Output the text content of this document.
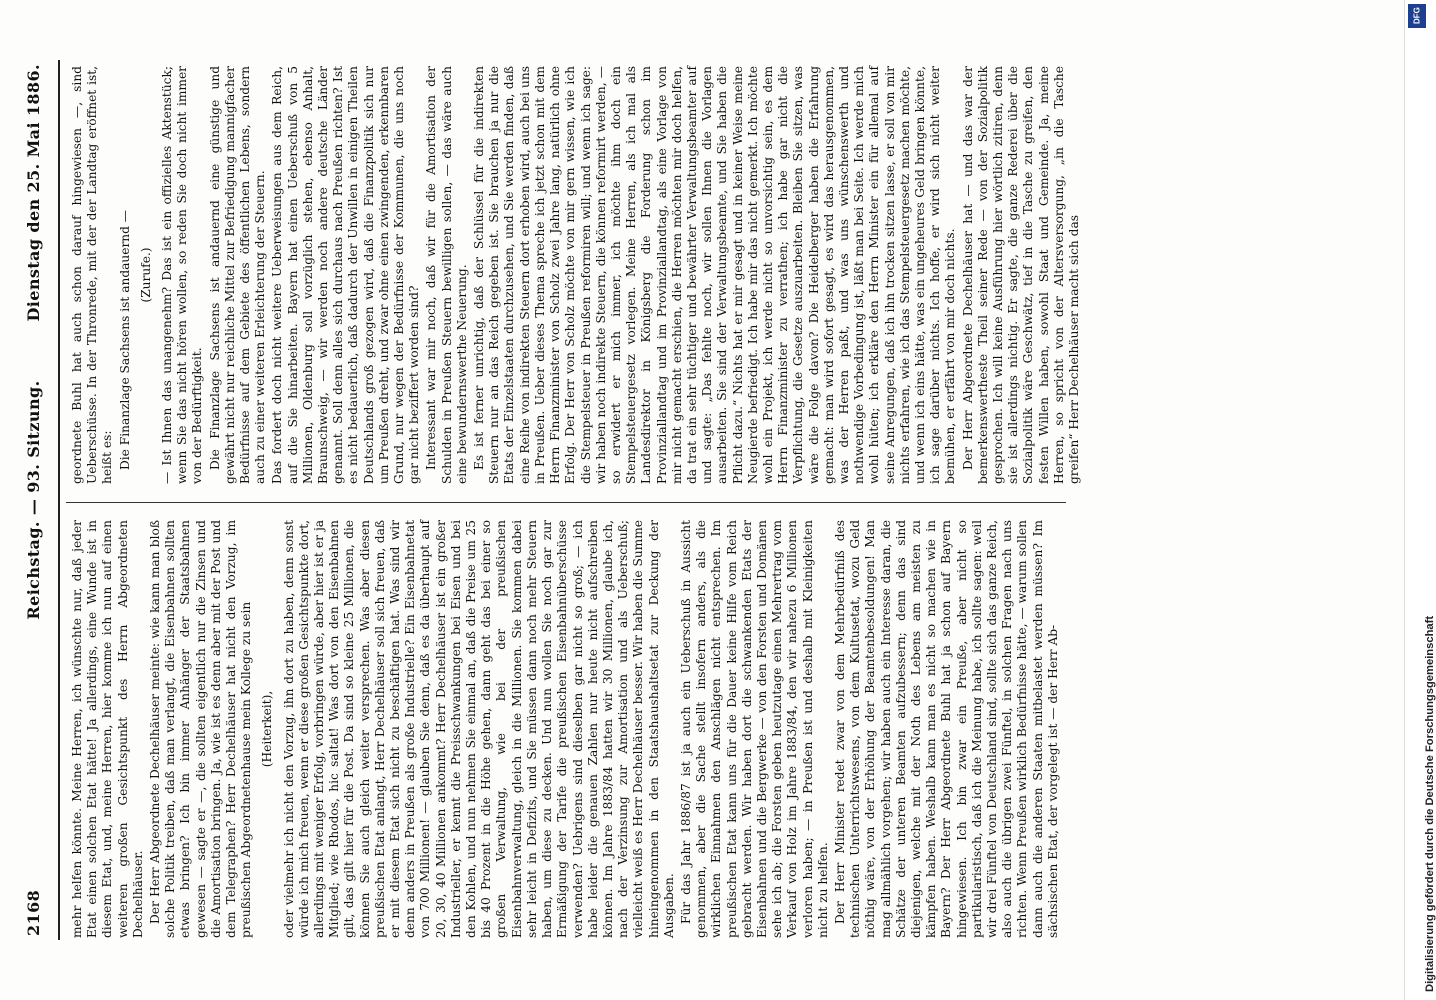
2168
Reichstag. — 93. Sitzung.
Dienstag den 25. Mai 1886.

mehr helfen könnte. Meine Herren, ich wünschte nur, daß jeder Etat einen solchen Etat hätte! Ja allerdings, eine Wunde ist in diesem Etat, und, meine Herren, hier komme ich nun auf einen weiteren großen Gesichtspunkt des Herrn Abgeordneten Dechelhäuser. Der Herr Abgeordnete Dechelhäuser meinte: wie kann man bloß solche Politik treiben, daß man verlangt, die Eisenbahnen sollten etwas bringen? Ich bin immer Anhänger der Staatsbahnen gewesen — sagte er —, die sollten eigentlich nur die Zinsen und die Amortisation bringen. Ja, wie ist es denn aber mit der Post und dem Telegraphen? Herr Dechelhäuser hat nicht den Vorzug, im preußischen Abgeordnetenhause mein Kollege zu sein (Heiterkeit), oder vielmehr ich nicht den Vorzug, ihn dort zu haben, denn sonst würde ich mich freuen, wenn er diese großen Gesichtspunkte dort, allerdings mit weniger Erfolg, vorbringen würde, aber hier ist er ja Mitglied; wie Rhodos, hic saltat! Was dort von den Eisenbahnen gilt, das gilt hier für die Post. Da sind so kleine 25 Millionen, die können Sie auch gleich weiter versprechen. Was aber diesen preußischen Etat anlangt, Herr Dechelhäuser soll sich freuen, daß er mit diesem Etat sich nicht zu beschäftigen hat. Was sind wir denn anders in Preußen als große Industrielle? Ein Eisenbahnetat von 700 Millionen! — glauben Sie denn, daß es da überhaupt auf 20, 30, 40 Millionen ankommt? Herr Dechelhäuser ist ein großer Industrieller, er kennt die Preisschwankungen bei Eisen und bei den Kohlen, und nun nehmen Sie einmal an, daß die Preise um 25 bis 40 Prozent in die Höhe gehen, dann geht das bei einer so großen Verwaltung, wie bei der preußischen Eisenbahnverwaltung, gleich in die Millionen. Sie kommen dabei sehr leicht in Defizits, und Sie müssen dann noch mehr Steuern haben, um diese zu decken. Und nun wollen Sie noch gar zur Ermäßigung der Tarife die preußischen Eisenbahnüberschüsse verwenden? Uebrigens sind dieselben gar nicht so groß; — ich habe leider die genauen Zahlen nur heute nicht aufschreiben können. Im Jahre 1883/84 hatten wir 30 Millionen, glaube ich, nach der Verzinsung zur Amortisation und als Ueberschuß; vielleicht weiß es Herr Dechelhäuser besser. Wir haben die Summe hineingenommen in den Staatshaushaltsetat zur Deckung der Ausgaben. Für das Jahr 1886/87 ist ja auch ein Ueberschuß in Aussicht genommen, aber die Sache stellt insofern anders, als die wirklichen Einnahmen den Anschlägen nicht entsprechen. Im preußischen Etat kann uns für die Dauer keine Hilfe vom Reich gebracht werden. Wir haben dort die schwankenden Etats der Eisenbahnen und die Bergwerke — von den Forsten und Domänen sehe ich ab; die Forsten geben heutzutage einen Mehrertrag vom Verkauf von Holz im Jahre 1883/84, den wir nahezu 6 Millionen verloren haben; — in Preußen ist und deshalb mit Kleinigkeiten nicht zu helfen. Der Herr Minister redet zwar von dem Mehrbedürfniß des technischen Unterrichtswesens, von dem Kultusetat, wozu Geld nöthig wäre, von der Erhöhung der Beamtenbesoldungen! Man mag allmählich vorgehen; wir haben auch ein Interesse daran, die Schätze der unteren Beamten aufzubessern; denn das sind diejenigen, welche mit der Noth des Lebens am meisten zu kämpfen haben. Weshalb kann man es nicht so machen wie in Bayern? Der Herr Abgeordnete Buhl hat ja schon auf Bayern hingewiesen. Ich bin zwar ein Preuße, aber nicht so partikularistisch, daß ich die Meinung habe, ich sollte sagen: weil wir drei Fünftel von Deutschland sind, sollte sich das ganze Reich, also auch die übrigen zwei Fünftel, in solchen Fragen nach uns richten. Wenn Preußen wirklich Bedürfnisse hätte, — warum sollen dann auch die anderen Staaten mitbelastet werden müssen? Im sächsischen Etat, der vorgelegt ist — der Herr Ab-

geordnete Buhl hat auch schon darauf hingewiesen —, sind Ueberschüsse. In der Thronrede, mit der der Landtag eröffnet ist, heißt es: Die Finanzlage Sachsens ist andauernd — (Zurufe.) — Ist Ihnen das unangenehm? Das ist ein offizielles Aktenstück; wenn Sie das nicht hören wollen, so reden Sie doch nicht immer von der Bedürftigkeit. Die Finanzlage Sachsens ist andauernd eine günstige und gewährt nicht nur reichliche Mittel zur Befriedigung mannigfacher Bedürfnisse auf dem Gebiete des öffentlichen Lebens, sondern auch zu einer weiteren Erleichterung der Steuern. Das fordert doch nicht weitere Ueberweisungen aus dem Reich, auf die Sie hinarbeiten. Bayern hat einen Ueberschuß von 5 Millionen, Oldenburg soll vorzüglich stehen, ebenso Anhalt, Braunschweig, — wir werden noch andere deutsche Länder genannt. Soll denn alles sich durchaus nach Preußen richten? Ist es nicht bedauerlich, daß dadurch der Unwillen in einigen Theilen Deutschlands groß gezogen wird, daß die Finanzpolitik sich nur um Preußen dreht, und zwar ohne einen zwingenden, erkennbaren Grund, nur wegen der Bedürfnisse der Kommunen, die uns noch gar nicht beziffert worden sind? Interessant war mir noch, daß wir für die Amortisation der Schulden in Preußen Steuern bewilligen sollen, — das wäre auch eine bewundernswerthe Neuerung. Es ist ferner unrichtig, daß der Schlüssel für die indirekten Steuern nur an das Reich gegeben ist. Sie brauchen ja nur die Etats der Einzelstaaten durchzusehen, und Sie werden finden, daß eine Reihe von indirekten Steuern dort erhoben wird, auch bei uns in Preußen. Ueber dieses Thema spreche ich jetzt schon mit dem Herrn Finanzminister von Scholz zwei Jahre lang, natürlich ohne Erfolg. Der Herr von Scholz möchte von mir gern wissen, wie ich die Stempelsteuer in Preußen reformiren will; und wenn ich sage: wir haben noch indirekte Steuern, die können reformirt werden, — so erwidert er mich immer, ich möchte ihm doch ein Stempelsteuergesetz vorlegen. Meine Herren, als ich mal als Landesdirektor in Königsberg die Forderung schon im Provinziallandtag und im Provinziallandtag, als eine Vorlage von mir nicht gemacht erschien, die Herren möchten mir doch helfen, da trat ein sehr tüchtiger und bewährter Verwaltungsbeamter auf und sagte: „Das fehlte noch, wir sollen Ihnen die Vorlagen ausarbeiten. Sie sind der Verwaltungsbeamte, und Sie haben die Pflicht dazu.“ Nichts hat er mir gesagt und in keiner Weise meine Neugierde befriedigt. Ich habe mir das nicht gemerkt. Ich möchte wohl ein Projekt, ich werde nicht so unvorsichtig sein, es dem Herrn Finanzminister zu verrathen; ich habe gar nicht die Verpflichtung, die Gesetze auszuarbeiten. Bleiben Sie sitzen, was wäre die Folge davon? Die Heidelberger haben die Erfahrung gemacht: man wird sofort gesagt, es wird das herausgenommen, was der Herren paßt, und was uns wünschenswerth und nothwendige Vorbedingung ist, läßt man bei Seite. Ich werde mich wohl hüten; ich erkläre den Herrn Minister ein für allemal auf seine Anregungen, daß ich ihn trocken sitzen lasse, er soll von mir nichts erfahren, wie ich das Stempelsteuergesetz machen möchte, und wenn ich eins hätte, was ein ungeheures Geld bringen könnte, ich sage darüber nichts. Ich hoffe, er wird sich nicht weiter bemühen, er erfährt von mir doch nichts. Der Herr Abgeordnete Dechelhäuser hat — und das war der bemerkenswertheste Theil seiner Rede — von der Sozialpolitik gesprochen. Ich will keine Ausführung hier wörtlich zitiren, denn sie ist allerdings nichtig. Er sagte, die ganze Rederei über die Sozialpolitik wäre Geschwätz, tief in die Tasche zu greifen, den festen Willen haben, sowohl Staat und Gemeinde. Ja, meine Herren, so spricht von der Altersversorgung, „in die Tasche greifen“ Herr Dechelhäuser macht sich das

DFG
Digitalisierung gefördert durch die Deutsche Forschungsgemeinschaft
